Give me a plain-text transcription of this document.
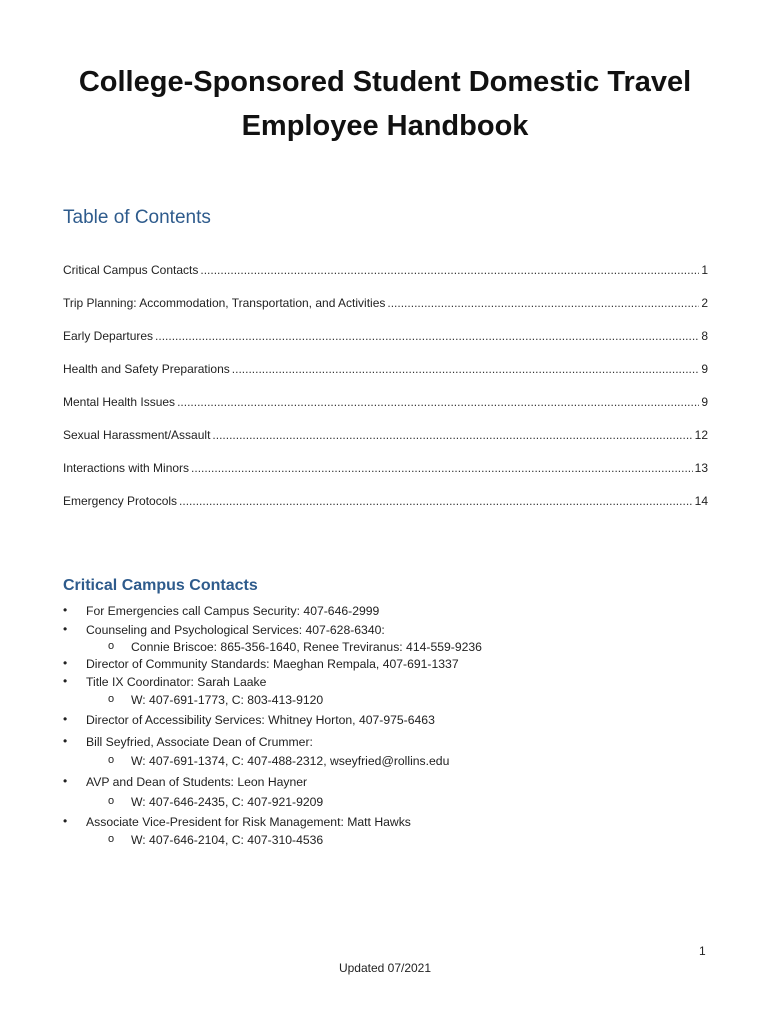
College-Sponsored Student Domestic Travel
Employee Handbook
Table of Contents
Critical Campus Contacts .....	1
Trip Planning: Accommodation, Transportation, and Activities .....	2
Early Departures .....	8
Health and Safety Preparations .....	9
Mental Health Issues .....	9
Sexual Harassment/Assault .....	12
Interactions with Minors .....	13
Emergency Protocols .....	14
Critical Campus Contacts
• For Emergencies call Campus Security: 407-646-2999
• Counseling and Psychological Services: 407-628-6340:
o Connie Briscoe: 865-356-1640, Renee Treviranus: 414-559-9236
• Director of Community Standards: Maeghan Rempala, 407-691-1337
• Title IX Coordinator: Sarah Laake
o W: 407-691-1773, C: 803-413-9120
• Director of Accessibility Services: Whitney Horton, 407-975-6463
• Bill Seyfried, Associate Dean of Crummer:
o W: 407-691-1374, C: 407-488-2312, wseyfried@rollins.edu
• AVP and Dean of Students: Leon Hayner
o W: 407-646-2435, C: 407-921-9209
• Associate Vice-President for Risk Management: Matt Hawks
o W: 407-646-2104, C: 407-310-4536
1
Updated 07/2021
